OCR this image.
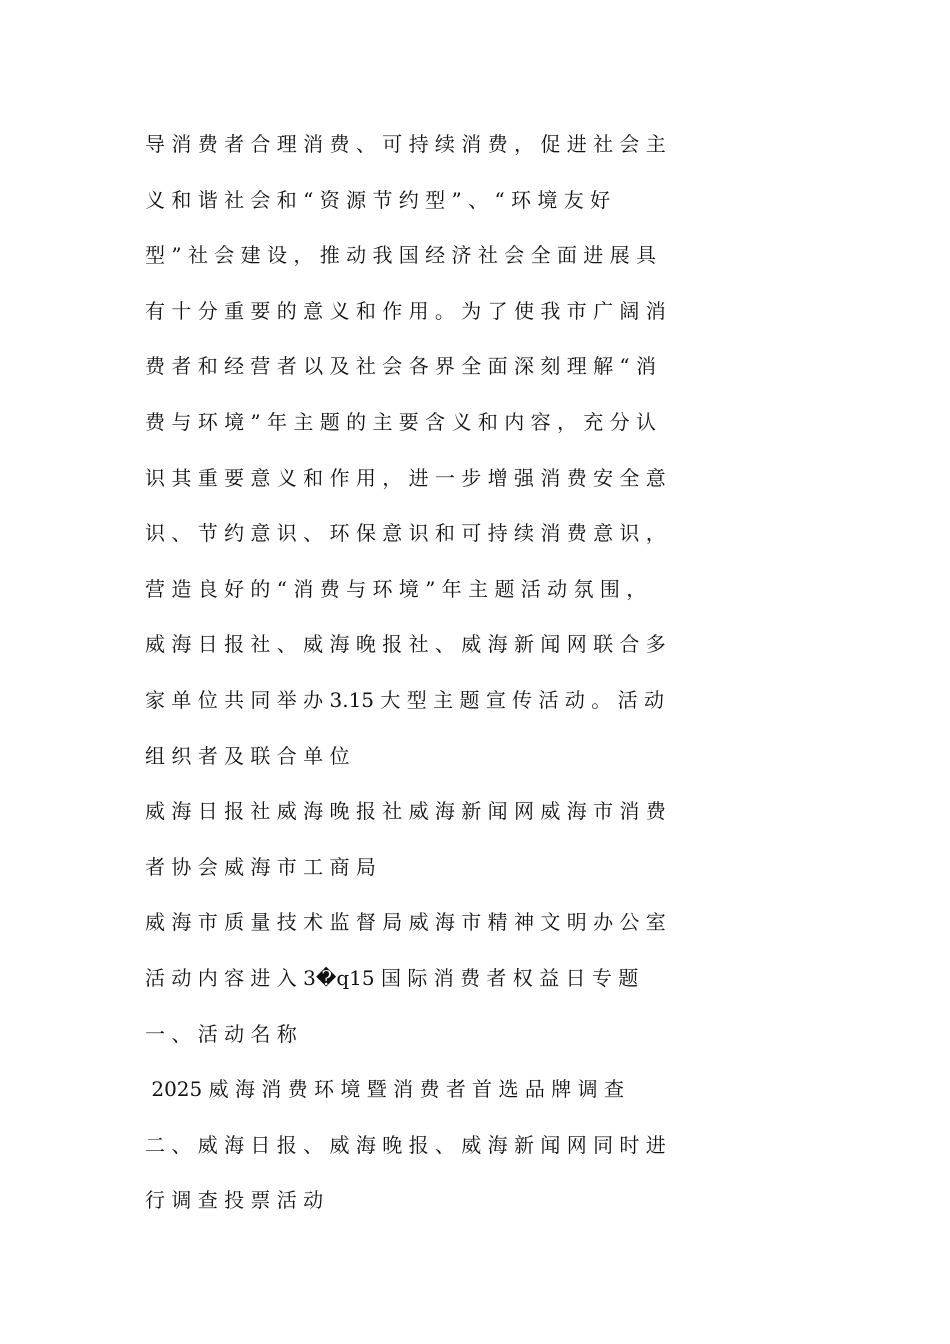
导 消 费 者 合 理 消 费 、 可 持 续 消 费 ， 促 进 社 会 主
义 和 谐 社 会 和 “ 资 源 节 约 型 ” 、 “ 环 境 友 好
型 ” 社 会 建 设 ， 推 动 我 国 经 济 社 会 全 面 进 展 具
有 十 分 重 要 的 意 义 和 作 用 。 为 了 使 我 市 广 阔 消
费 者 和 经 营 者 以 及 社 会 各 界 全 面 深 刻 理 解 “ 消
费 与 环 境 ” 年 主 题 的 主 要 含 义 和 内 容 ， 充 分 认
识 其 重 要 意 义 和 作 用 ， 进 一 步 增 强 消 费 安 全 意
识 、 节 约 意 识 、 环 保 意 识 和 可 持 续 消 费 意 识 ，
营 造 良 好 的 “ 消 费 与 环 境 ” 年 主 题 活 动 氛 围 ，
威 海 日 报 社 、 威 海 晚 报 社 、 威 海 新 闻 网 联 合 多
家 单 位 共 同 举 办 3.15 大 型 主 题 宣 传 活 动 。 活 动
组 织 者 及 联 合 单 位
威 海 日 报 社 威 海 晚 报 社 威 海 新 闻 网 威 海 市 消 费
者 协 会 威 海 市 工 商 局
威 海 市 质 量 技 术 监 督 局 威 海 市 精 神 文 明 办 公 室
活 动 内 容 进 入 3�q15 国 际 消 费 者 权 益 日 专 题
一 、 活 动 名 称
2025 威 海 消 费 环 境 暨 消 费 者 首 选 品 牌 调 查
二 、 威 海 日 报 、 威 海 晚 报 、 威 海 新 闻 网 同 时 进
行 调 查 投 票 活 动
